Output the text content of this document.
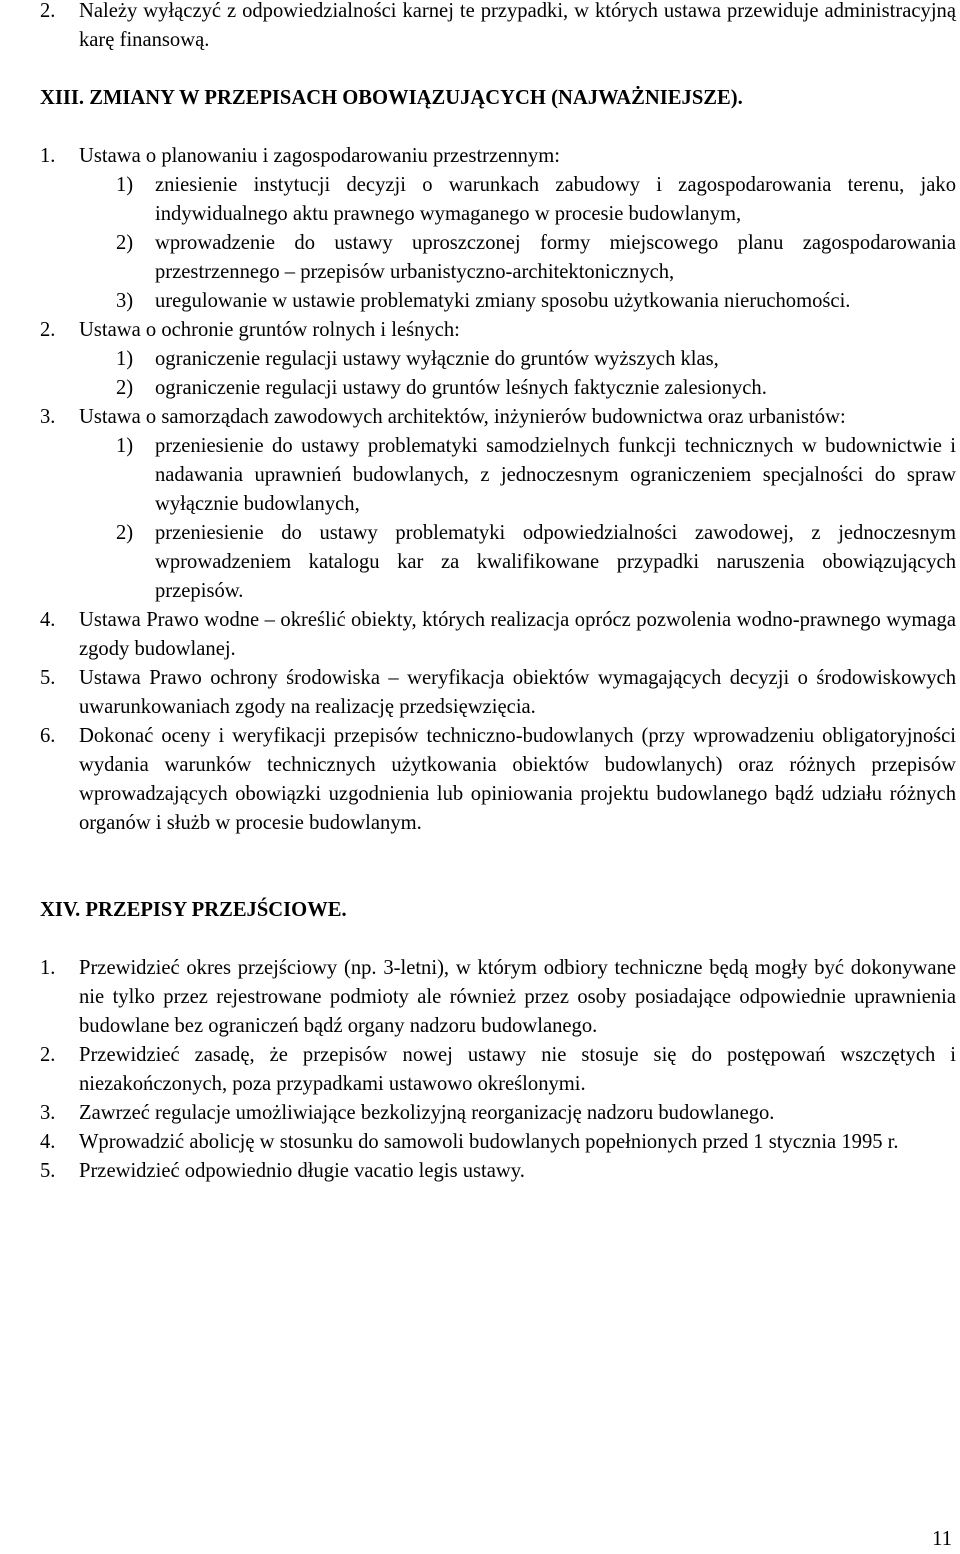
2. Należy wyłączyć z odpowiedzialności karnej te przypadki, w których ustawa przewiduje administracyjną karę finansową.
XIII. ZMIANY W PRZEPISACH OBOWIĄZUJĄCYCH (NAJWAŻNIEJSZE).
1. Ustawa o planowaniu i zagospodarowaniu przestrzennym:
1) zniesienie instytucji decyzji o warunkach zabudowy i zagospodarowania terenu, jako indywidualnego aktu prawnego wymaganego w procesie budowlanym,
2) wprowadzenie do ustawy uproszczonej formy miejscowego planu zagospodarowania przestrzennego – przepisów urbanistyczno-architektonicznych,
3) uregulowanie w ustawie problematyki zmiany sposobu użytkowania nieruchomości.
2. Ustawa o ochronie gruntów rolnych i leśnych:
1) ograniczenie regulacji ustawy wyłącznie do gruntów wyższych klas,
2) ograniczenie regulacji ustawy do gruntów leśnych faktycznie zalesionych.
3. Ustawa o samorządach zawodowych architektów, inżynierów budownictwa oraz urbanistów:
1) przeniesienie do ustawy problematyki samodzielnych funkcji technicznych w budownictwie i nadawania uprawnień budowlanych, z jednoczesnym ograniczeniem specjalności do spraw wyłącznie budowlanych,
2) przeniesienie do ustawy problematyki odpowiedzialności zawodowej, z jednoczesnym wprowadzeniem katalogu kar za kwalifikowane przypadki naruszenia obowiązujących przepisów.
4. Ustawa Prawo wodne – określić obiekty, których realizacja oprócz pozwolenia wodno-prawnego wymaga zgody budowlanej.
5. Ustawa Prawo ochrony środowiska – weryfikacja obiektów wymagających decyzji o środowiskowych uwarunkowaniach zgody na realizację przedsięwzięcia.
6. Dokonać oceny i weryfikacji przepisów techniczno-budowlanych (przy wprowadzeniu obligatoryjności wydania warunków technicznych użytkowania obiektów budowlanych) oraz różnych przepisów wprowadzających obowiązki uzgodnienia lub opiniowania projektu budowlanego bądź udziału różnych organów i służb w procesie budowlanym.
XIV. PRZEPISY PRZEJŚCIOWE.
1. Przewidzieć okres przejściowy (np. 3-letni), w którym odbiory techniczne będą mogły być dokonywane nie tylko przez rejestrowane podmioty ale również przez osoby posiadające odpowiednie uprawnienia budowlane bez ograniczeń bądź organy nadzoru budowlanego.
2. Przewidzieć zasadę, że przepisów nowej ustawy nie stosuje się do postępowań wszczętych i niezakończonych, poza przypadkami ustawowo określonymi.
3. Zawrzeć regulacje umożliwiające bezkolizyjną reorganizację nadzoru budowlanego.
4. Wprowadzić abolicję w stosunku do samowoli budowlanych popełnionych przed 1 stycznia 1995 r.
5. Przewidzieć odpowiednio długie vacatio legis ustawy.
11
